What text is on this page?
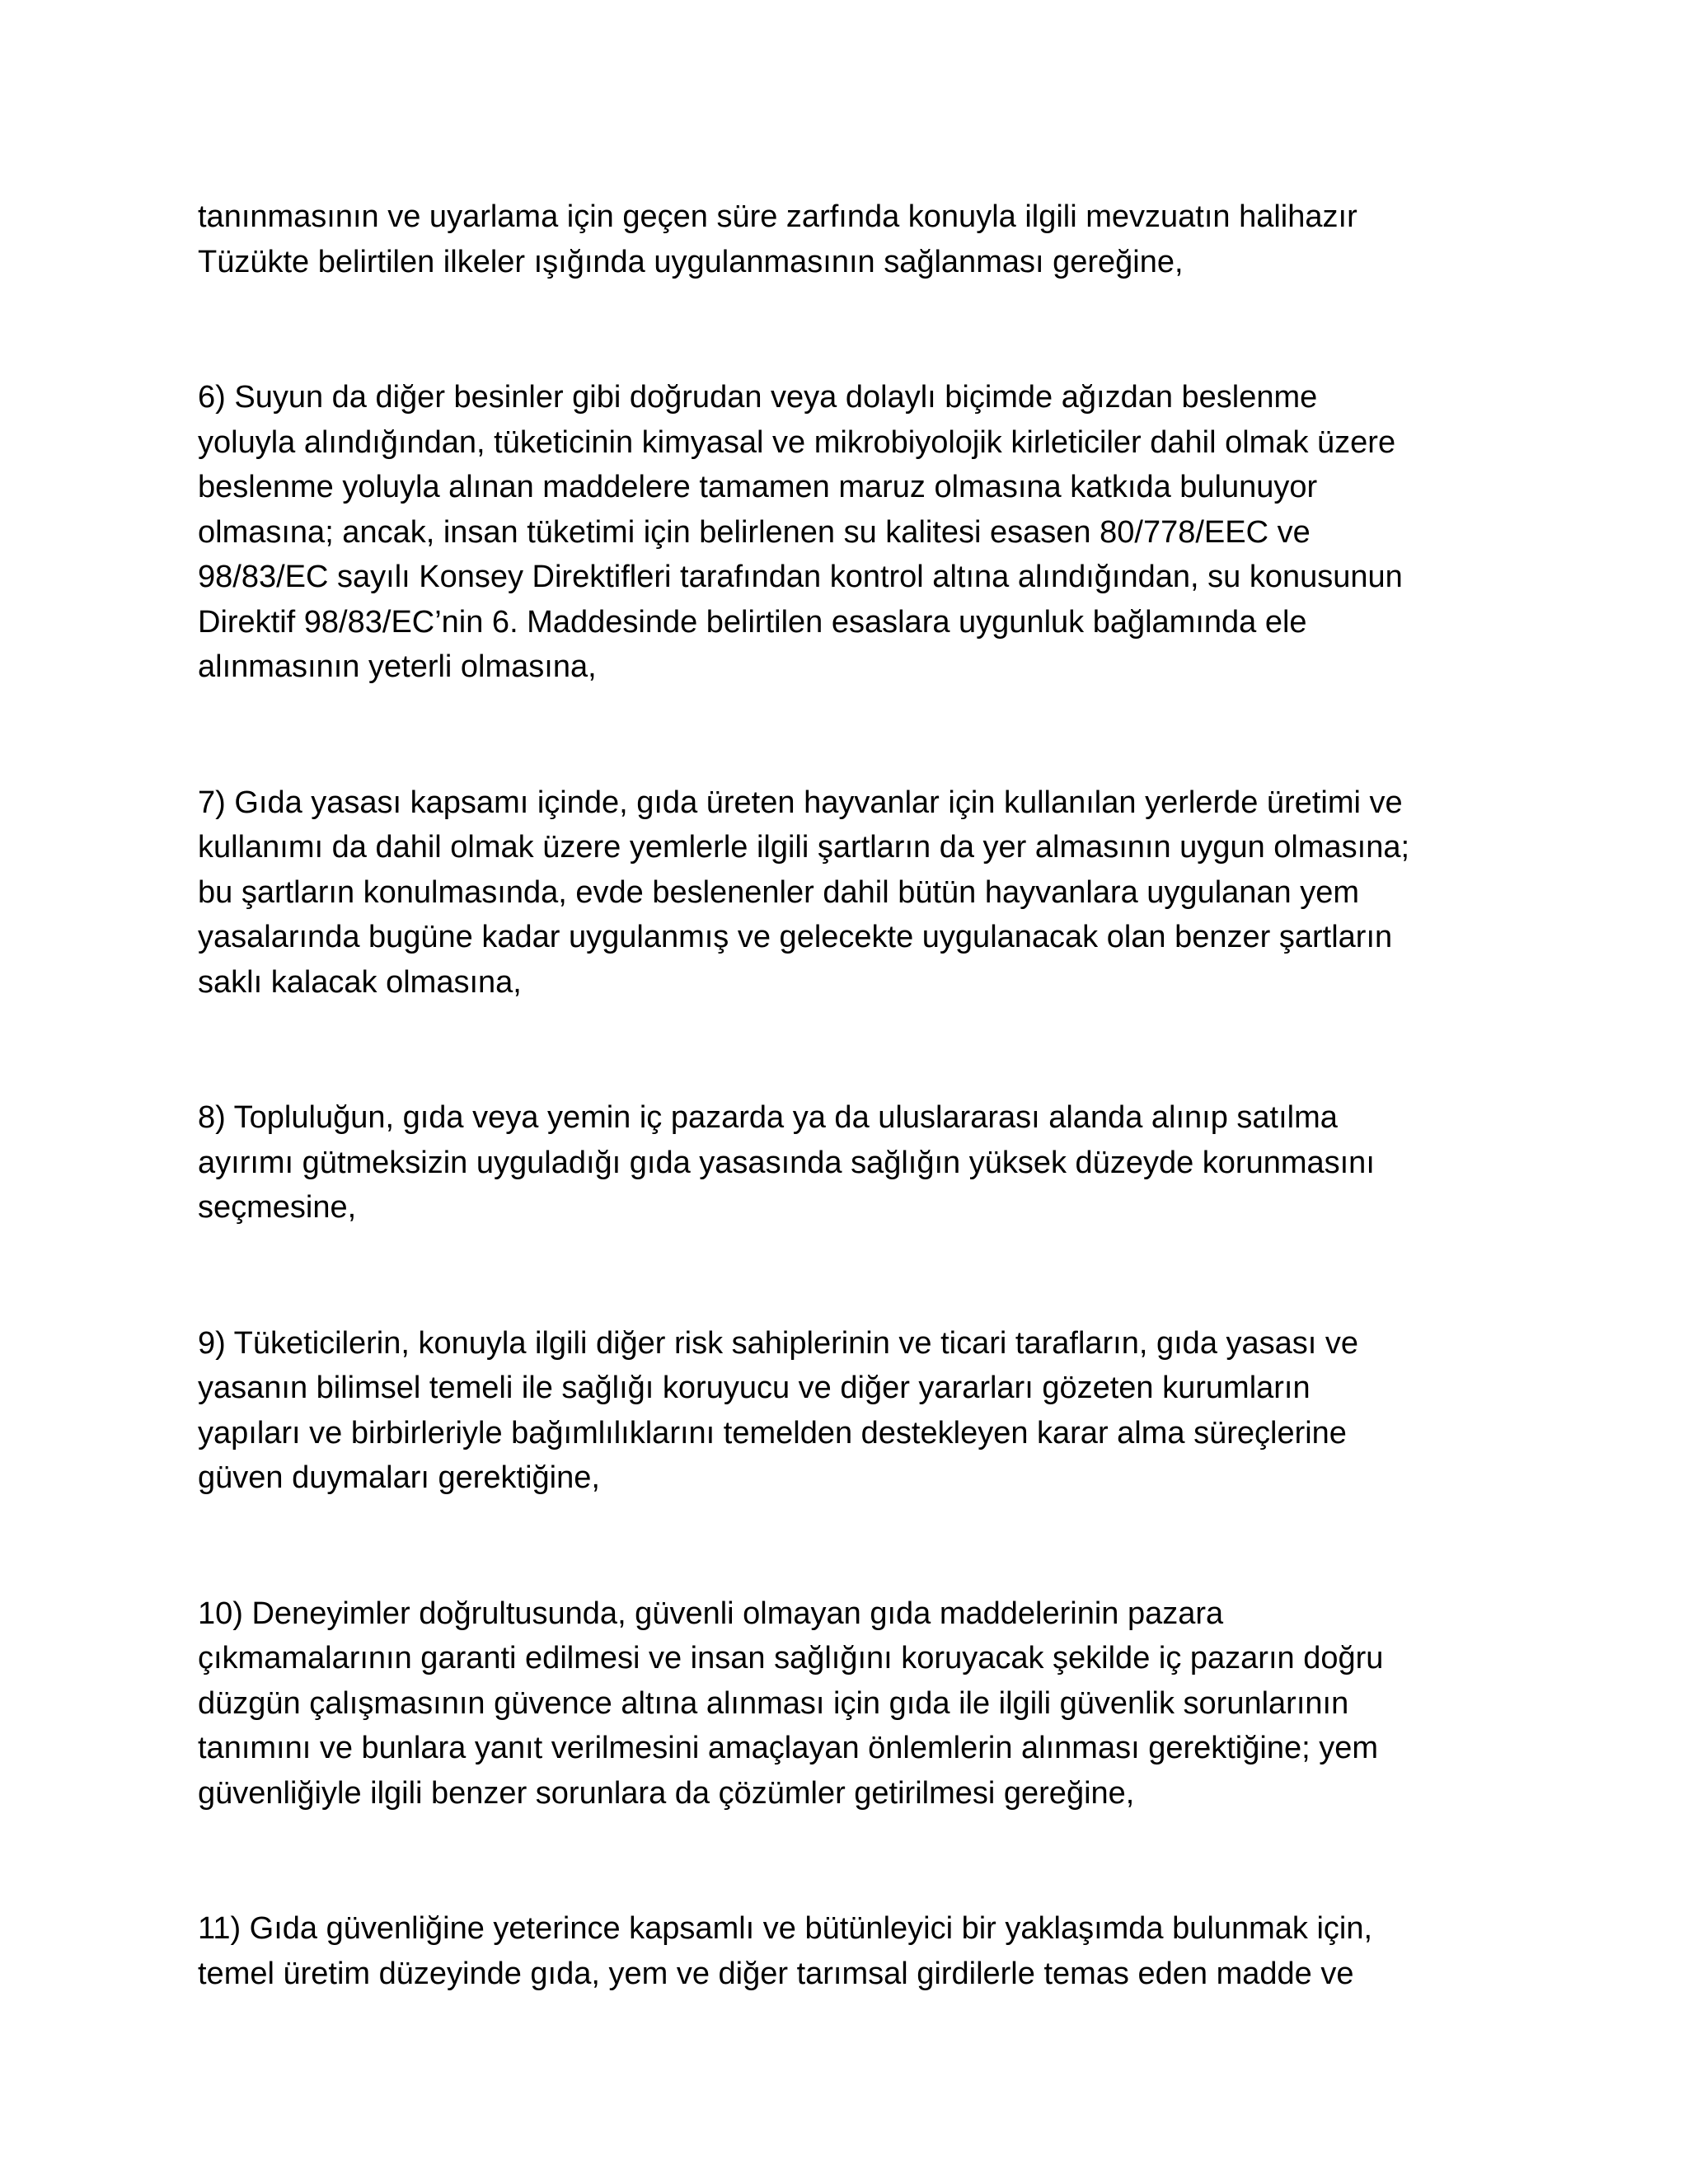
tanınmasının ve uyarlama için geçen süre zarfında konuyla ilgili mevzuatın halihazır
Tüzükte belirtilen ilkeler ışığında uygulanmasının sağlanması gereğine,

6) Suyun da diğer besinler gibi doğrudan veya dolaylı biçimde ağızdan beslenme
yoluyla alındığından, tüketicinin kimyasal ve mikrobiyolojik kirleticiler dahil olmak üzere
beslenme yoluyla alınan maddelere tamamen maruz olmasına katkıda bulunuyor
olmasına; ancak, insan tüketimi için belirlenen su kalitesi esasen 80/778/EEC ve
98/83/EC sayılı Konsey Direktifleri tarafından kontrol altına alındığından, su konusunun
Direktif 98/83/EC’nin 6. Maddesinde belirtilen esaslara uygunluk bağlamında ele
alınmasının yeterli olmasına,

7) Gıda yasası kapsamı içinde, gıda üreten hayvanlar için kullanılan yerlerde üretimi ve
kullanımı da dahil olmak üzere yemlerle ilgili şartların da yer almasının uygun olmasına;
bu şartların konulmasında, evde beslenenler dahil bütün hayvanlara uygulanan yem
yasalarında bugüne kadar uygulanmış ve gelecekte uygulanacak olan benzer şartların
saklı kalacak olmasına,

8) Topluluğun, gıda veya yemin iç pazarda ya da uluslararası alanda alınıp satılma
ayırımı gütmeksizin uyguladığı gıda yasasında sağlığın yüksek düzeyde korunmasını
seçmesine,

9) Tüketicilerin, konuyla ilgili diğer risk sahiplerinin ve ticari tarafların, gıda yasası ve
yasanın bilimsel temeli ile sağlığı koruyucu ve diğer yararları gözeten kurumların
yapıları ve birbirleriyle bağımlılıklarını temelden destekleyen karar alma süreçlerine
güven duymaları gerektiğine,

10) Deneyimler doğrultusunda, güvenli olmayan gıda maddelerinin pazara
çıkmamalarının garanti edilmesi ve insan sağlığını koruyacak şekilde iç pazarın doğru
düzgün çalışmasının güvence altına alınması için gıda ile ilgili güvenlik sorunlarının
tanımını ve bunlara yanıt verilmesini amaçlayan önlemlerin alınması gerektiğine; yem
güvenliğiyle ilgili benzer sorunlara da çözümler getirilmesi gereğine,

11) Gıda güvenliğine yeterince kapsamlı ve bütünleyici bir yaklaşımda bulunmak için,
temel üretim düzeyinde gıda, yem ve diğer tarımsal girdilerle temas eden madde ve
